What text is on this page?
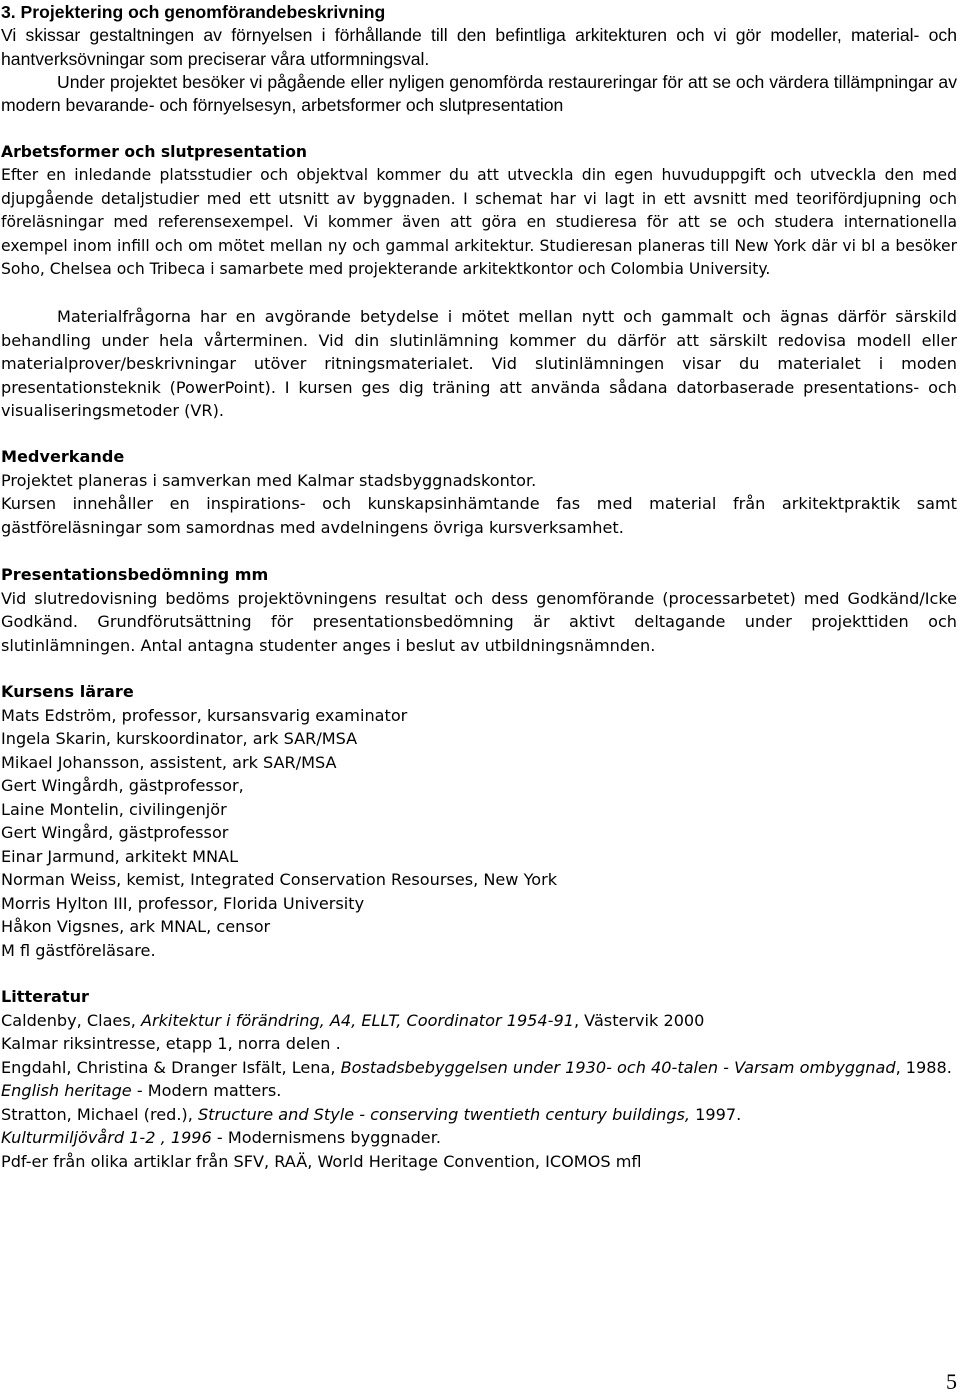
3. Projektering och genomförandebeskrivning
Vi skissar gestaltningen av förnyelsen i förhållande till den befintliga arkitekturen och vi gör modeller, material- och hantverksövningar som preciserar våra utformningsval.
Under projektet besöker vi pågående eller nyligen genomförda restaureringar för att se och värdera tillämpningar av modern bevarande- och förnyelsesyn, arbetsformer och slutpresentation
Arbetsformer och slutpresentation
Efter en inledande platsstudier och objektval kommer du att utveckla din egen huvuduppgift och utveckla den med djupgående detaljstudier med ett utsnitt av byggnaden. I schemat har vi lagt in ett avsnitt med teorifördjupning och föreläsningar med referensexempel. Vi kommer även att göra en studieresa för att se och studera internationella exempel inom infill och om mötet mellan ny och gammal arkitektur. Studieresan planeras till New York där vi bl a besöker Soho, Chelsea och Tribeca i samarbete med projekterande arkitektkontor och Colombia University.
Materialfrågorna har en avgörande betydelse i mötet mellan nytt och gammalt och ägnas därför särskild behandling under hela vårterminen. Vid din slutinlämning kommer du därför att särskilt redovisa modell eller materialprover/beskrivningar utöver ritningsmaterialet. Vid slutinlämningen visar du materialet i moden presentationsteknik (PowerPoint). I kursen ges dig träning att använda sådana datorbaserade presentations- och visualiseringsmetoder (VR).
Medverkande
Projektet planeras i samverkan med Kalmar stadsbyggnadskontor.
Kursen innehåller en inspirations- och kunskapsinhämtande fas med material från arkitektpraktik samt gästföreläsningar som samordnas med avdelningens övriga kursverksamhet.
Presentationsbedömning mm
Vid slutredovisning bedöms projektövningens resultat och dess genomförande (processarbetet) med Godkänd/Icke Godkänd. Grundförutsättning för presentationsbedömning är aktivt deltagande under projekttiden och slutinlämningen. Antal antagna studenter anges i beslut av utbildningsnämnden.
Kursens lärare
Mats Edström, professor, kursansvarig examinator
Ingela Skarin, kurskoordinator, ark SAR/MSA
Mikael Johansson, assistent, ark SAR/MSA
Gert Wingårdh, gästprofessor,
Laine Montelin, civilingenjör
Gert Wingård, gästprofessor
Einar Jarmund, arkitekt MNAL
Norman Weiss, kemist, Integrated Conservation Resourses, New York
Morris Hylton III, professor, Florida University
Håkon Vigsnes, ark MNAL, censor
M fl gästföreläsare.
Litteratur
Caldenby, Claes, Arkitektur i förändring, A4, ELLT, Coordinator 1954-91, Västervik 2000
Kalmar riksintresse, etapp 1, norra delen .
Engdahl, Christina & Dranger Isfält, Lena, Bostadsbebyggelsen under 1930- och 40-talen - Varsam ombyggnad, 1988.
English heritage - Modern matters.
Stratton, Michael (red.), Structure and Style - conserving twentieth century buildings, 1997.
Kulturmiljövård 1-2 , 1996 - Modernismens byggnader.
Pdf-er från olika artiklar från SFV, RAÄ, World Heritage Convention, ICOMOS mfl
5
